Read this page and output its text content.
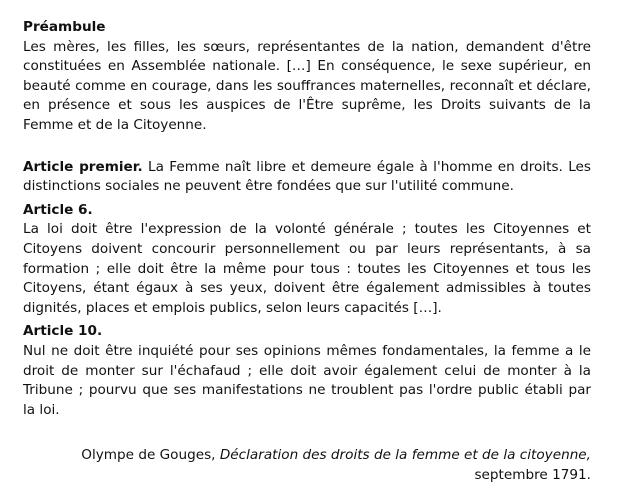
Préambule

Les mères, les filles, les sœurs, représentantes de la nation, demandent d'être constituées en Assemblée nationale. […] En conséquence, le sexe supérieur, en beauté comme en courage, dans les souffrances maternelles, reconnaît et déclare, en présence et sous les auspices de l'Être suprême, les Droits suivants de la Femme et de la Citoyenne.

Article premier. La Femme naît libre et demeure égale à l'homme en droits. Les distinctions sociales ne peuvent être fondées que sur l'utilité commune.

Article 6.

La loi doit être l'expression de la volonté générale ; toutes les Citoyennes et Citoyens doivent concourir personnellement ou par leurs représentants, à sa formation ; elle doit être la même pour tous : toutes les Citoyennes et tous les Citoyens, étant égaux à ses yeux, doivent être également admissibles à toutes dignités, places et emplois publics, selon leurs capacités […].

Article 10.

Nul ne doit être inquiété pour ses opinions mêmes fondamentales, la femme a le droit de monter sur l'échafaud ; elle doit avoir également celui de monter à la Tribune ; pourvu que ses manifestations ne troublent pas l'ordre public établi par la loi.

Olympe de Gouges, Déclaration des droits de la femme et de la citoyenne, septembre 1791.
